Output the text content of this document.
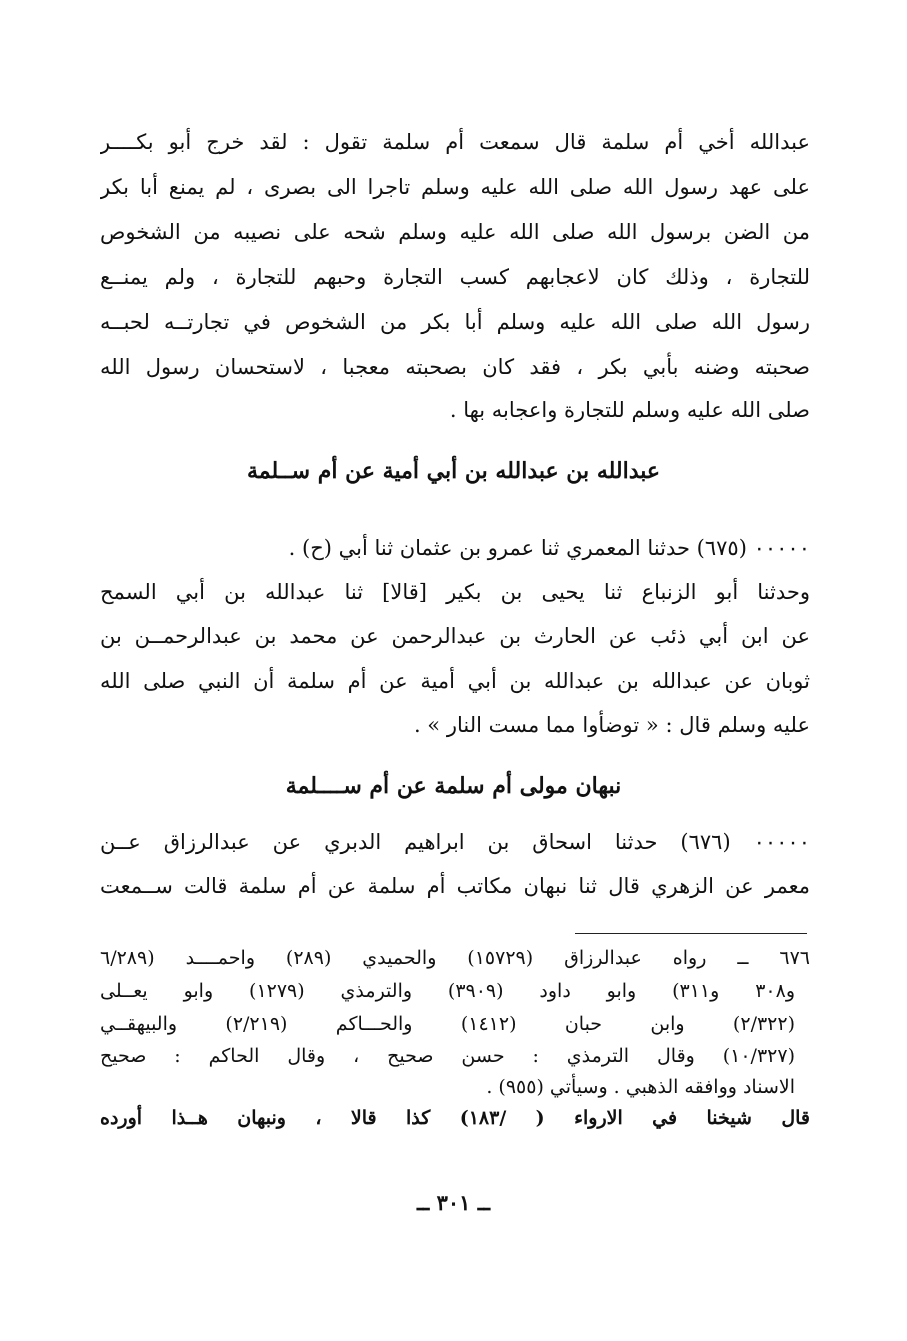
عبدالله أخي أم سلمة قال سمعت أم سلمة تقول : لقد خرج أبو بكــــر
على عهد رسول الله صلى الله عليه وسلم تاجرا الى بصرى ، لم يمنع أبا بكر
من الضن برسول الله صلى الله عليه وسلم شحه على نصيبه من الشخوص
للتجارة ، وذلك كان لاعجابهم كسب التجارة وحبهم للتجارة ، ولم يمنــع
رسول الله صلى الله عليه وسلم أبا بكر من الشخوص في تجارتــه لحبــه
صحبته وضنه بأبي بكر ، فقد كان بصحبته معجبا ، لاستحسان رسول الله
صلى الله عليه وسلم للتجارة واعجابه بها .
عبدالله بن عبدالله بن أبي أمية عن أم ســلمة
٠٠٠٠٠ (٦٧٥) حدثنا المعمري ثنا عمرو بن عثمان ثنا أبي (ح) .
وحدثنا أبو الزنباع ثنا يحيى بن بكير [قالا] ثنا عبدالله بن أبي السمح
عن ابن أبي ذئب عن الحارث بن عبدالرحمن عن محمد بن عبدالرحمــن بن
ثوبان عن عبدالله بن عبدالله بن أبي أمية عن أم سلمة أن النبي صلى الله
عليه وسلم قال : « توضأوا مما مست النار » .
نبهان مولى أم سلمة عن أم ســــلمة
٠٠٠٠٠ (٦٧٦) حدثنا اسحاق بن ابراهيم الدبري عن عبدالرزاق عــن
معمر عن الزهري قال ثنا نبهان مكاتب أم سلمة عن أم سلمة قالت ســمعت
٦٧٦ ــ رواه عبدالرزاق (١٥٧٢٩) والحميدي (٢٨٩) واحمــــد (٦/٢٨٩
و٣٠٨ و٣١١) وابو داود (٣٩٠٩) والترمذي (١٢٧٩) وابو يعــلى
(٢/٣٢٢) وابن حبان (١٤١٢) والحـــاكم (٢/٢١٩) والبيهقــي
(١٠/٣٢٧) وقال الترمذي : حسن صحيح ، وقال الحاكم : صحيح
الاسناد ووافقه الذهبي . وسيأتي (٩٥٥) .
قال شيخنا في الارواء ( /١٨٣) كذا قالا ، ونبهان هــذا أورده
ــ ٣٠١ ــ
